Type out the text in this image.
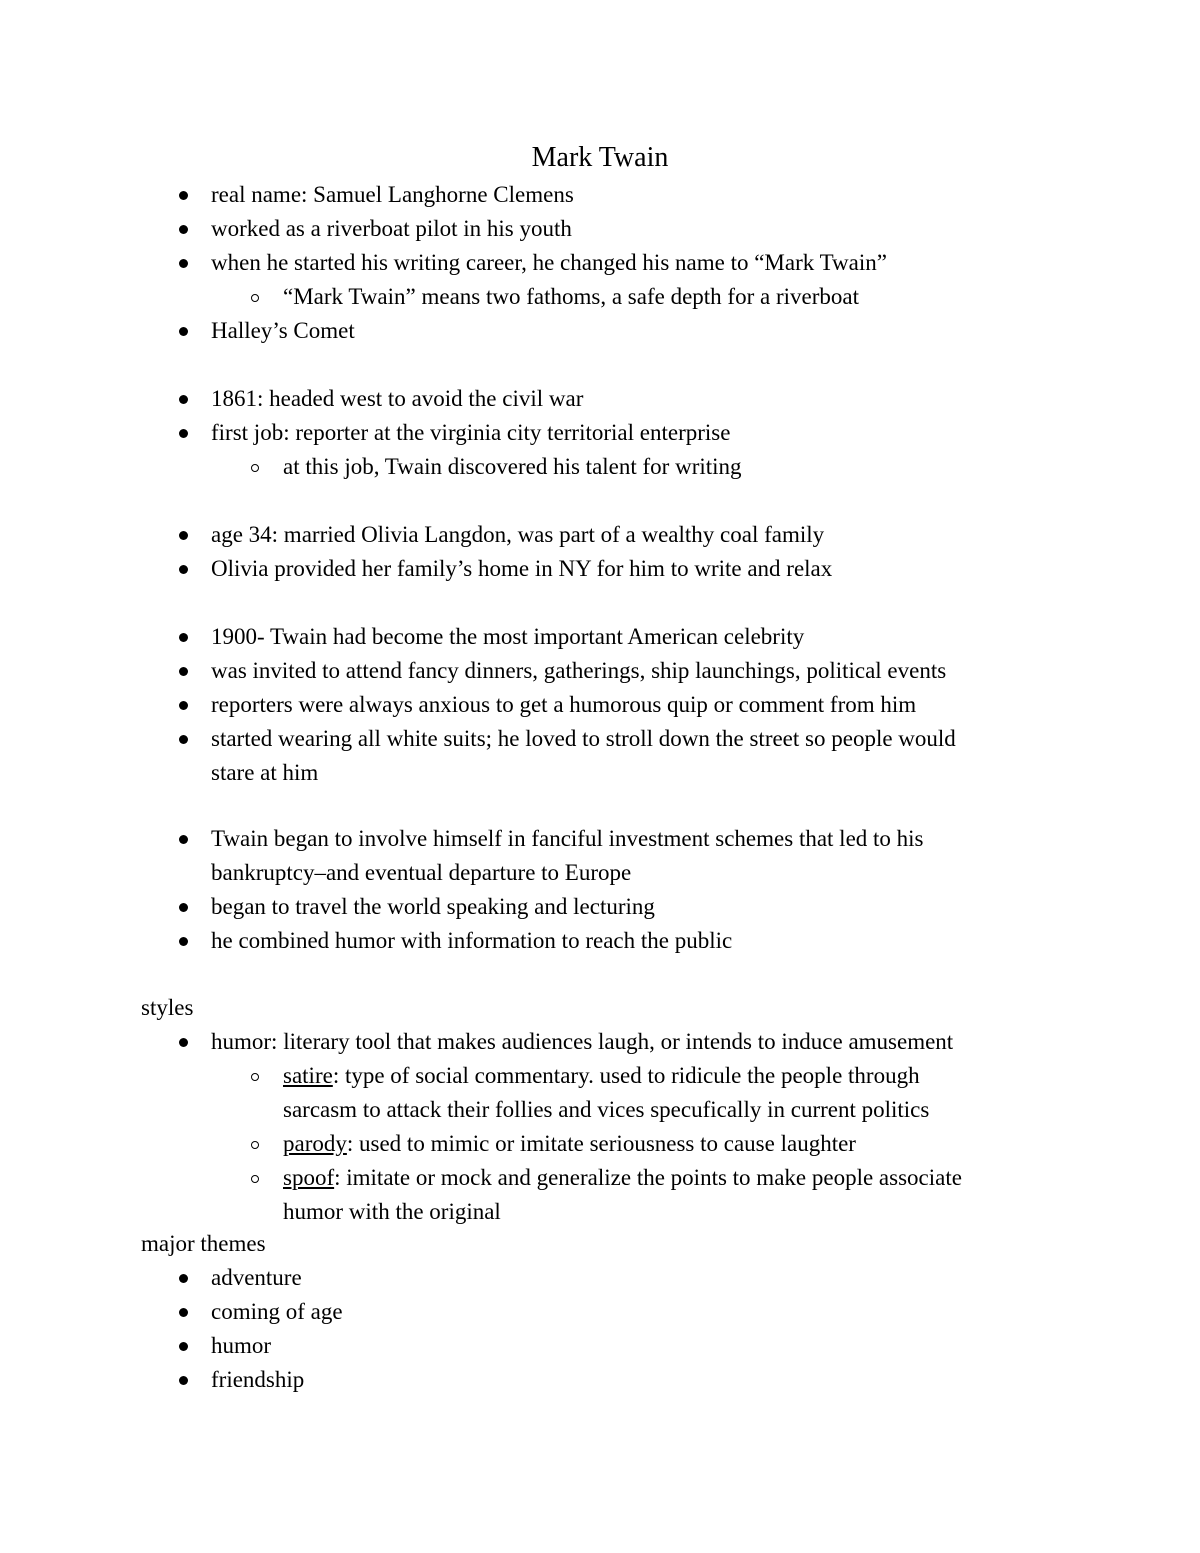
Mark Twain
real name: Samuel Langhorne Clemens
worked as a riverboat pilot in his youth
when he started his writing career, he changed his name to “Mark Twain”
“Mark Twain” means two fathoms, a safe depth for a riverboat
Halley’s Comet
1861: headed west to avoid the civil war
first job: reporter at the virginia city territorial enterprise
at this job, Twain discovered his talent for writing
age 34: married Olivia Langdon, was part of a wealthy coal family
Olivia provided her family’s home in NY for him to write and relax
1900- Twain had become the most important American celebrity
was invited to attend fancy dinners, gatherings, ship launchings, political events
reporters were always anxious to get a humorous quip or comment from him
started wearing all white suits; he loved to stroll down the street so people would
stare at him
Twain began to involve himself in fanciful investment schemes that led to his
bankruptcy–and eventual departure to Europe
began to travel the world speaking and lecturing
he combined humor with information to reach the public
styles
humor: literary tool that makes audiences laugh, or intends to induce amusement
satire: type of social commentary. used to ridicule the people through
sarcasm to attack their follies and vices specufically in current politics
parody: used to mimic or imitate seriousness to cause laughter
spoof: imitate or mock and generalize the points to make people associate
humor with the original
major themes
adventure
coming of age
humor
friendship
